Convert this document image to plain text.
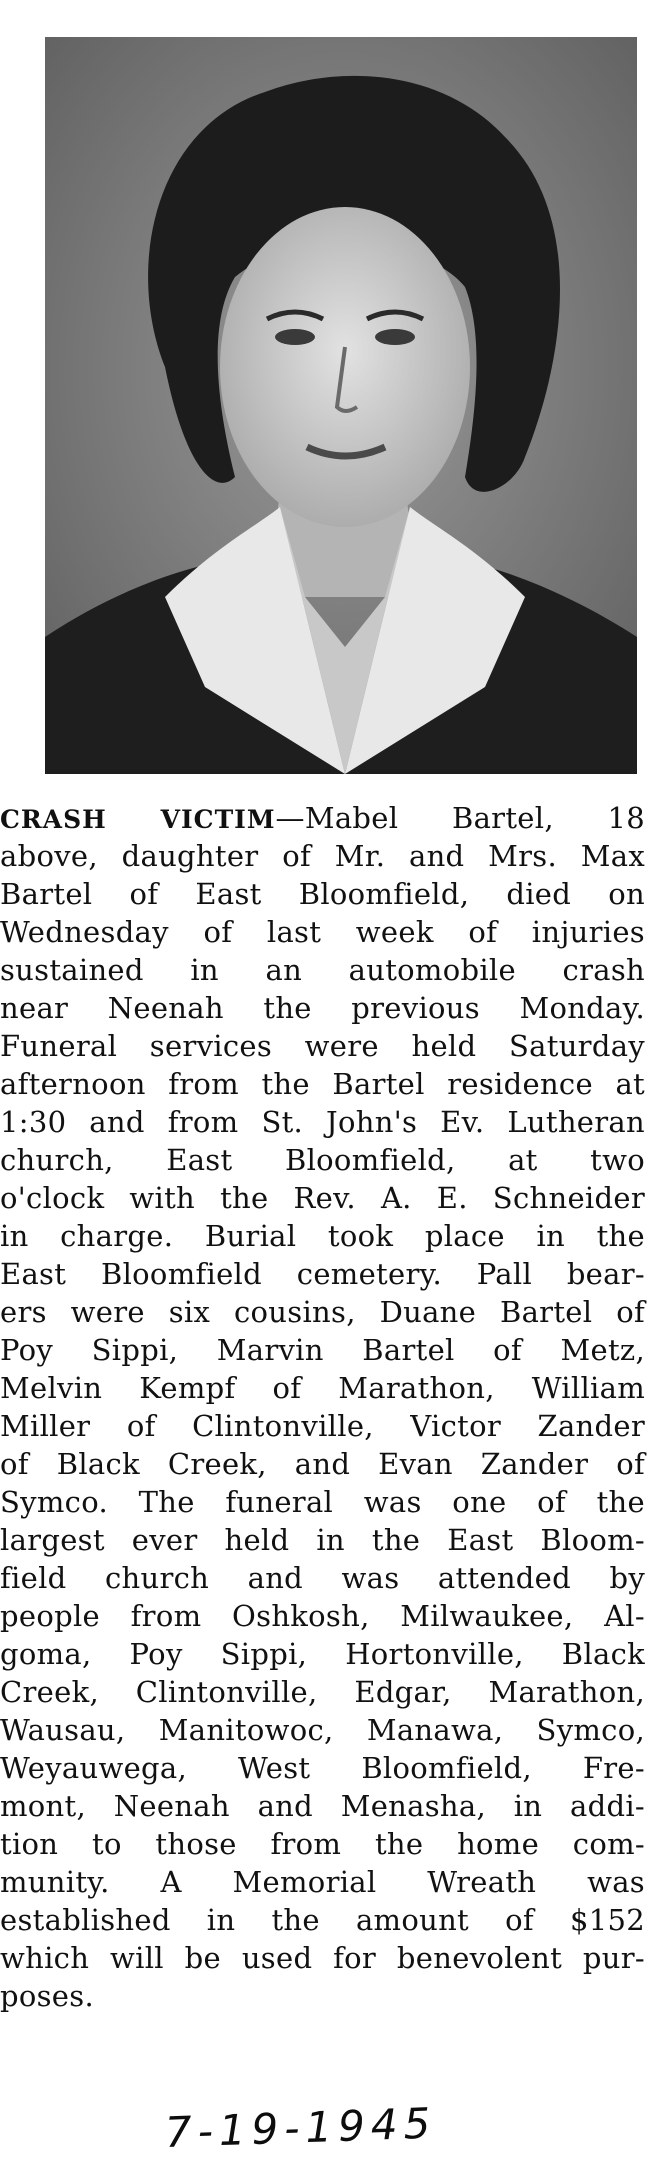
CRASH VICTIM—Mabel Bartel, 18
above, daughter of Mr. and Mrs. Max
Bartel of East Bloomfield, died on
Wednesday of last week of injuries
sustained in an automobile crash
near Neenah the previous Monday.
Funeral services were held Saturday
afternoon from the Bartel residence at
1:30 and from St. John's Ev. Lutheran
church, East Bloomfield, at two
o'clock with the Rev. A. E. Schneider
in charge. Burial took place in the
East Bloomfield cemetery. Pall bear-
ers were six cousins, Duane Bartel of
Poy Sippi, Marvin Bartel of Metz,
Melvin Kempf of Marathon, William
Miller of Clintonville, Victor Zander
of Black Creek, and Evan Zander of
Symco. The funeral was one of the
largest ever held in the East Bloom-
field church and was attended by
people from Oshkosh, Milwaukee, Al-
goma, Poy Sippi, Hortonville, Black
Creek, Clintonville, Edgar, Marathon,
Wausau, Manitowoc, Manawa, Symco,
Weyauwega, West Bloomfield, Fre-
mont, Neenah and Menasha, in addi-
tion to those from the home com-
munity. A Memorial Wreath was
established in the amount of $152
which will be used for benevolent pur-
poses.
7-19-1945
